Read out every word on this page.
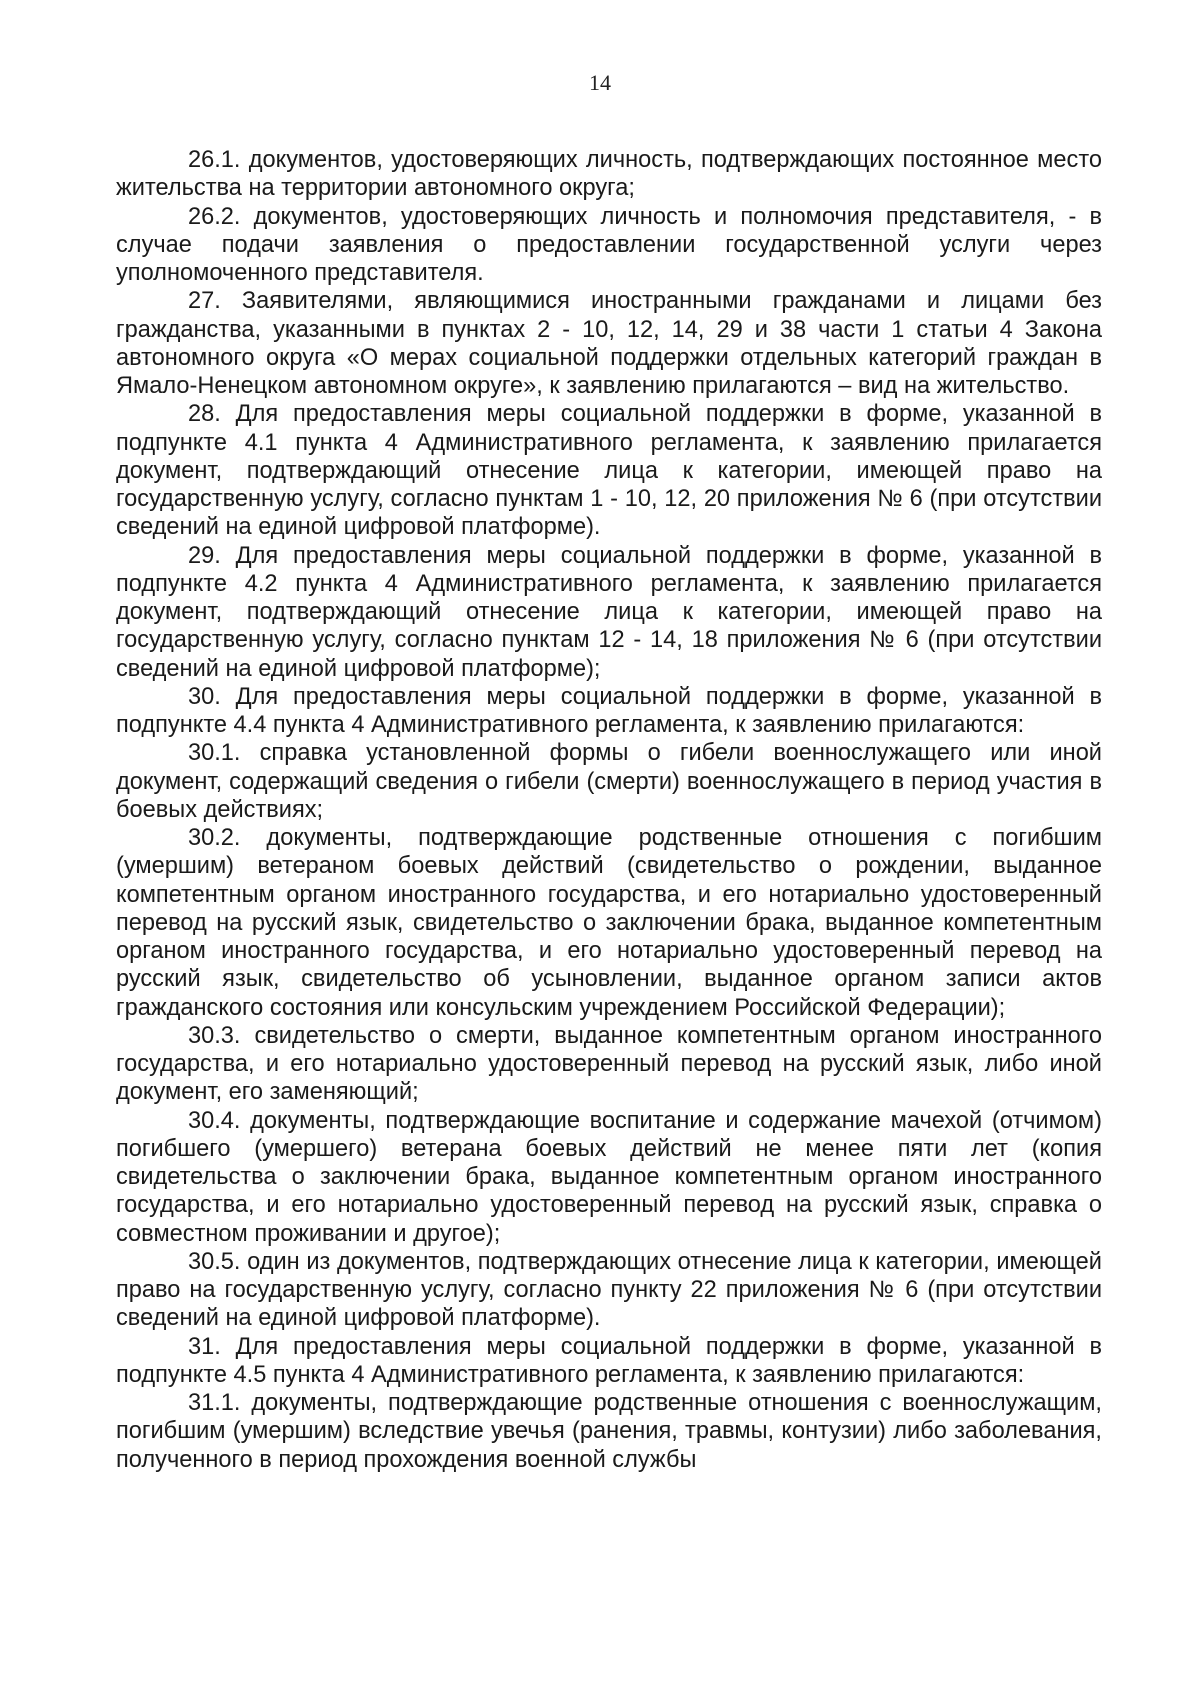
14

26.1. документов, удостоверяющих личность, подтверждающих постоянное место жительства на территории автономного округа;

26.2. документов, удостоверяющих личность и полномочия представителя, - в случае подачи заявления о предоставлении государственной услуги через уполномоченного представителя.

27. Заявителями, являющимися иностранными гражданами и лицами без гражданства, указанными в пунктах 2 - 10, 12, 14, 29 и 38 части 1 статьи 4 Закона автономного округа «О мерах социальной поддержки отдельных категорий граждан в Ямало-Ненецком автономном округе», к заявлению прилагаются – вид на жительство.

28. Для предоставления меры социальной поддержки в форме, указанной в подпункте 4.1 пункта 4 Административного регламента, к заявлению прилагается документ, подтверждающий отнесение лица к категории, имеющей право на государственную услугу, согласно пунктам 1 - 10, 12, 20 приложения № 6 (при отсутствии сведений на единой цифровой платформе).

29. Для предоставления меры социальной поддержки в форме, указанной в подпункте 4.2 пункта 4 Административного регламента, к заявлению прилагается документ, подтверждающий отнесение лица к категории, имеющей право на государственную услугу, согласно пунктам 12 - 14, 18 приложения № 6 (при отсутствии сведений на единой цифровой платформе);

30. Для предоставления меры социальной поддержки в форме, указанной в подпункте 4.4 пункта 4 Административного регламента, к заявлению прилагаются:

30.1. справка установленной формы о гибели военнослужащего или иной документ, содержащий сведения о гибели (смерти) военнослужащего в период участия в боевых действиях;

30.2. документы, подтверждающие родственные отношения с погибшим (умершим) ветераном боевых действий (свидетельство о рождении, выданное компетентным органом иностранного государства, и его нотариально удостоверенный перевод на русский язык, свидетельство о заключении брака, выданное компетентным органом иностранного государства, и его нотариально удостоверенный перевод на русский язык, свидетельство об усыновлении, выданное органом записи актов гражданского состояния или консульским учреждением Российской Федерации);

30.3. свидетельство о смерти, выданное компетентным органом иностранного государства, и его нотариально удостоверенный перевод на русский язык, либо иной документ, его заменяющий;

30.4. документы, подтверждающие воспитание и содержание мачехой (отчимом) погибшего (умершего) ветерана боевых действий не менее пяти лет (копия свидетельства о заключении брака, выданное компетентным органом иностранного государства, и его нотариально удостоверенный перевод на русский язык, справка о совместном проживании и другое);

30.5. один из документов, подтверждающих отнесение лица к категории, имеющей право на государственную услугу, согласно пункту 22 приложения № 6 (при отсутствии сведений на единой цифровой платформе).

31. Для предоставления меры социальной поддержки в форме, указанной в подпункте 4.5 пункта 4 Административного регламента, к заявлению прилагаются:

31.1. документы, подтверждающие родственные отношения с военнослужащим, погибшим (умершим) вследствие увечья (ранения, травмы, контузии) либо заболевания, полученного в период прохождения военной службы
